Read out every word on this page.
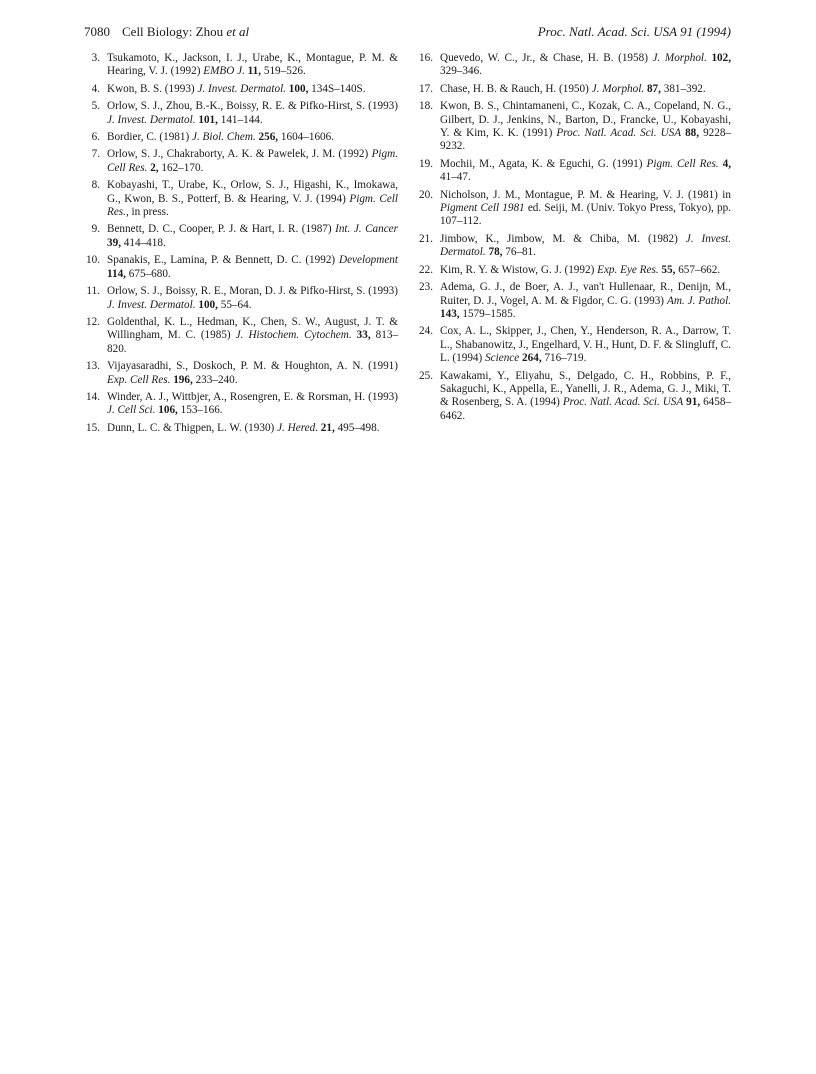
7080 Cell Biology: Zhou et al	Proc. Natl. Acad. Sci. USA 91 (1994)
3. Tsukamoto, K., Jackson, I. J., Urabe, K., Montague, P. M. & Hearing, V. J. (1992) EMBO J. 11, 519–526.
4. Kwon, B. S. (1993) J. Invest. Dermatol. 100, 134S–140S.
5. Orlow, S. J., Zhou, B.-K., Boissy, R. E. & Pifko-Hirst, S. (1993) J. Invest. Dermatol. 101, 141–144.
6. Bordier, C. (1981) J. Biol. Chem. 256, 1604–1606.
7. Orlow, S. J., Chakraborty, A. K. & Pawelek, J. M. (1992) Pigm. Cell Res. 2, 162–170.
8. Kobayashi, T., Urabe, K., Orlow, S. J., Higashi, K., Imokawa, G., Kwon, B. S., Potterf, B. & Hearing, V. J. (1994) Pigm. Cell Res., in press.
9. Bennett, D. C., Cooper, P. J. & Hart, I. R. (1987) Int. J. Cancer 39, 414–418.
10. Spanakis, E., Lamina, P. & Bennett, D. C. (1992) Development 114, 675–680.
11. Orlow, S. J., Boissy, R. E., Moran, D. J. & Pifko-Hirst, S. (1993) J. Invest. Dermatol. 100, 55–64.
12. Goldenthal, K. L., Hedman, K., Chen, S. W., August, J. T. & Willingham, M. C. (1985) J. Histochem. Cytochem. 33, 813–820.
13. Vijayasaradhi, S., Doskoch, P. M. & Houghton, A. N. (1991) Exp. Cell Res. 196, 233–240.
14. Winder, A. J., Wittbjer, A., Rosengren, E. & Rorsman, H. (1993) J. Cell Sci. 106, 153–166.
15. Dunn, L. C. & Thigpen, L. W. (1930) J. Hered. 21, 495–498.
16. Quevedo, W. C., Jr., & Chase, H. B. (1958) J. Morphol. 102, 329–346.
17. Chase, H. B. & Rauch, H. (1950) J. Morphol. 87, 381–392.
18. Kwon, B. S., Chintamaneni, C., Kozak, C. A., Copeland, N. G., Gilbert, D. J., Jenkins, N., Barton, D., Francke, U., Kobayashi, Y. & Kim, K. K. (1991) Proc. Natl. Acad. Sci. USA 88, 9228–9232.
19. Mochii, M., Agata, K. & Eguchi, G. (1991) Pigm. Cell Res. 4, 41–47.
20. Nicholson, J. M., Montague, P. M. & Hearing, V. J. (1981) in Pigment Cell 1981 ed. Seiji, M. (Univ. Tokyo Press, Tokyo), pp. 107–112.
21. Jimbow, K., Jimbow, M. & Chiba, M. (1982) J. Invest. Dermatol. 78, 76–81.
22. Kim, R. Y. & Wistow, G. J. (1992) Exp. Eye Res. 55, 657–662.
23. Adema, G. J., de Boer, A. J., van't Hullenaar, R., Denijn, M., Ruiter, D. J., Vogel, A. M. & Figdor, C. G. (1993) Am. J. Pathol. 143, 1579–1585.
24. Cox, A. L., Skipper, J., Chen, Y., Henderson, R. A., Darrow, T. L., Shabanowitz, J., Engelhard, V. H., Hunt, D. F. & Slingluff, C. L. (1994) Science 264, 716–719.
25. Kawakami, Y., Eliyahu, S., Delgado, C. H., Robbins, P. F., Sakaguchi, K., Appella, E., Yanelli, J. R., Adema, G. J., Miki, T. & Rosenberg, S. A. (1994) Proc. Natl. Acad. Sci. USA 91, 6458–6462.
